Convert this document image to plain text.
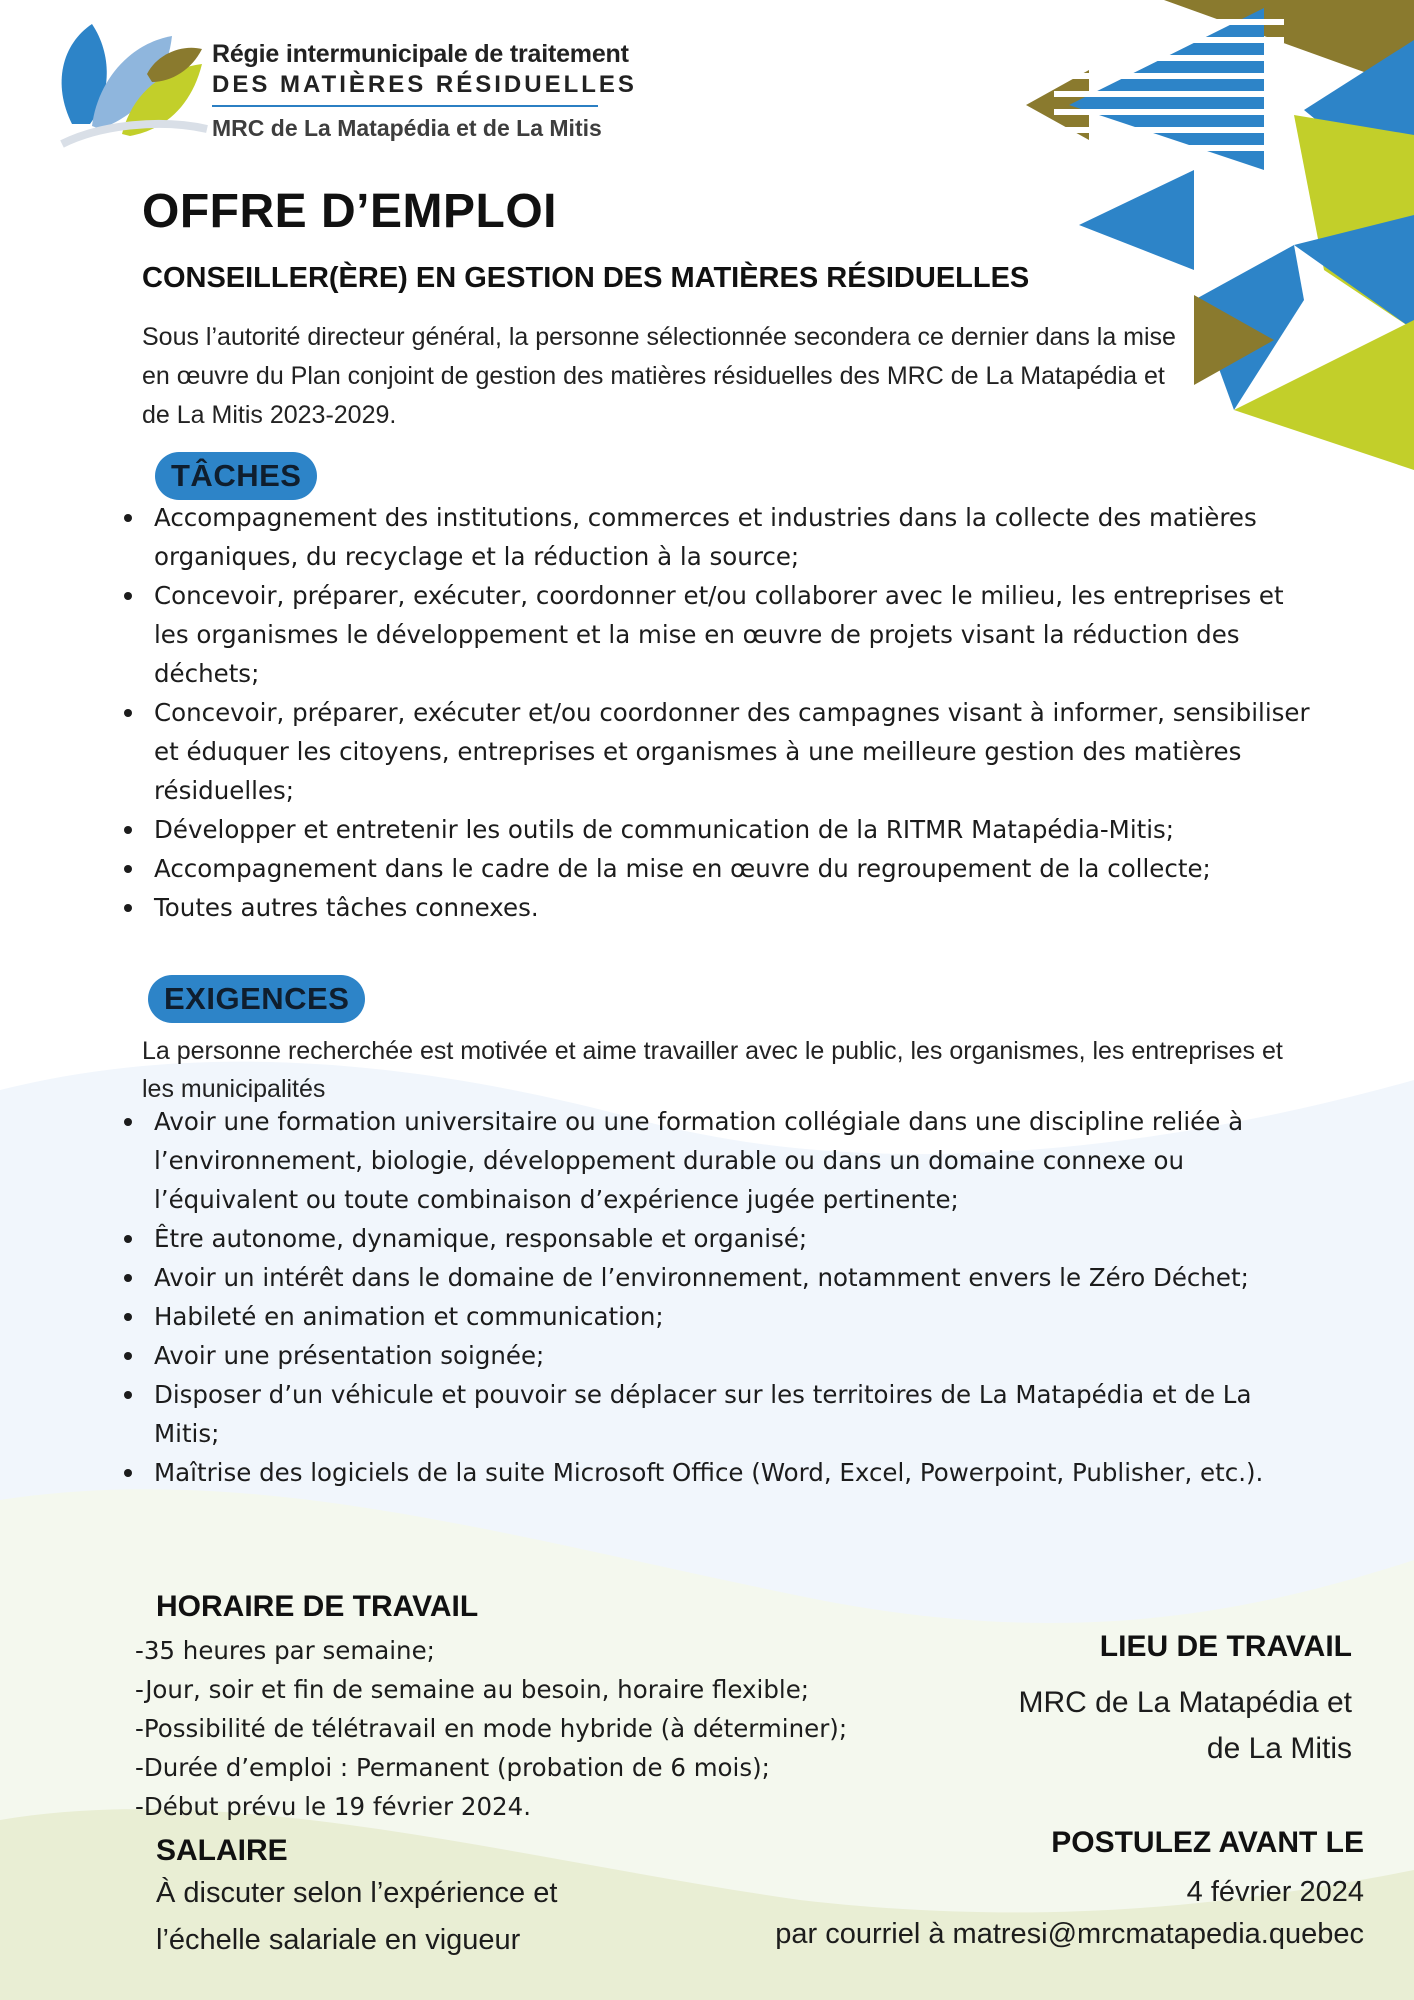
Régie intermunicipale de traitement
DES MATIÈRES RÉSIDUELLES
MRC de La Matapédia et de La Mitis
OFFRE D’EMPLOI
CONSEILLER(ÈRE) EN GESTION DES MATIÈRES RÉSIDUELLES
Sous l’autorité directeur général, la personne sélectionnée secondera ce dernier dans la mise en œuvre du Plan conjoint de gestion des matières résiduelles des MRC de La Matapédia et de La Mitis 2023-2029.
TÂCHES
Accompagnement des institutions, commerces et industries dans la collecte des matières organiques, du recyclage et la réduction à la source;
Concevoir, préparer, exécuter, coordonner et/ou collaborer avec le milieu, les entreprises et les organismes le développement et la mise en œuvre de projets visant la réduction des déchets;
Concevoir, préparer, exécuter et/ou coordonner des campagnes visant à informer, sensibiliser et éduquer les citoyens, entreprises et organismes à une meilleure gestion des matières résiduelles;
Développer et entretenir les outils de communication de la RITMR Matapédia-Mitis;
Accompagnement dans le cadre de la mise en œuvre du regroupement de la collecte;
Toutes autres tâches connexes.
EXIGENCES
La personne recherchée est motivée et aime travailler avec le public, les organismes, les entreprises et les municipalités
Avoir une formation universitaire ou une formation collégiale dans une discipline reliée à l’environnement, biologie, développement durable ou dans un domaine connexe ou l’équivalent ou toute combinaison d’expérience jugée pertinente;
Être autonome, dynamique, responsable et organisé;
Avoir un intérêt dans le domaine de l’environnement, notamment envers le Zéro Déchet;
Habileté en animation et communication;
Avoir une présentation soignée;
Disposer d’un véhicule et pouvoir se déplacer sur les territoires de La Matapédia et de La Mitis;
Maîtrise des logiciels de la suite Microsoft Office (Word, Excel, Powerpoint, Publisher, etc.).
HORAIRE DE TRAVAIL
-35 heures par semaine;
-Jour, soir et fin de semaine au besoin, horaire flexible;
-Possibilité de télétravail en mode hybride (à déterminer);
-Durée d’emploi : Permanent (probation de 6 mois);
-Début prévu le 19 février 2024.
SALAIRE
À discuter selon l’expérience et
l’échelle salariale en vigueur
LIEU DE TRAVAIL
MRC de La Matapédia et
de La Mitis
POSTULEZ AVANT LE
4 février 2024
par courriel à matresi@mrcmatapedia.quebec
